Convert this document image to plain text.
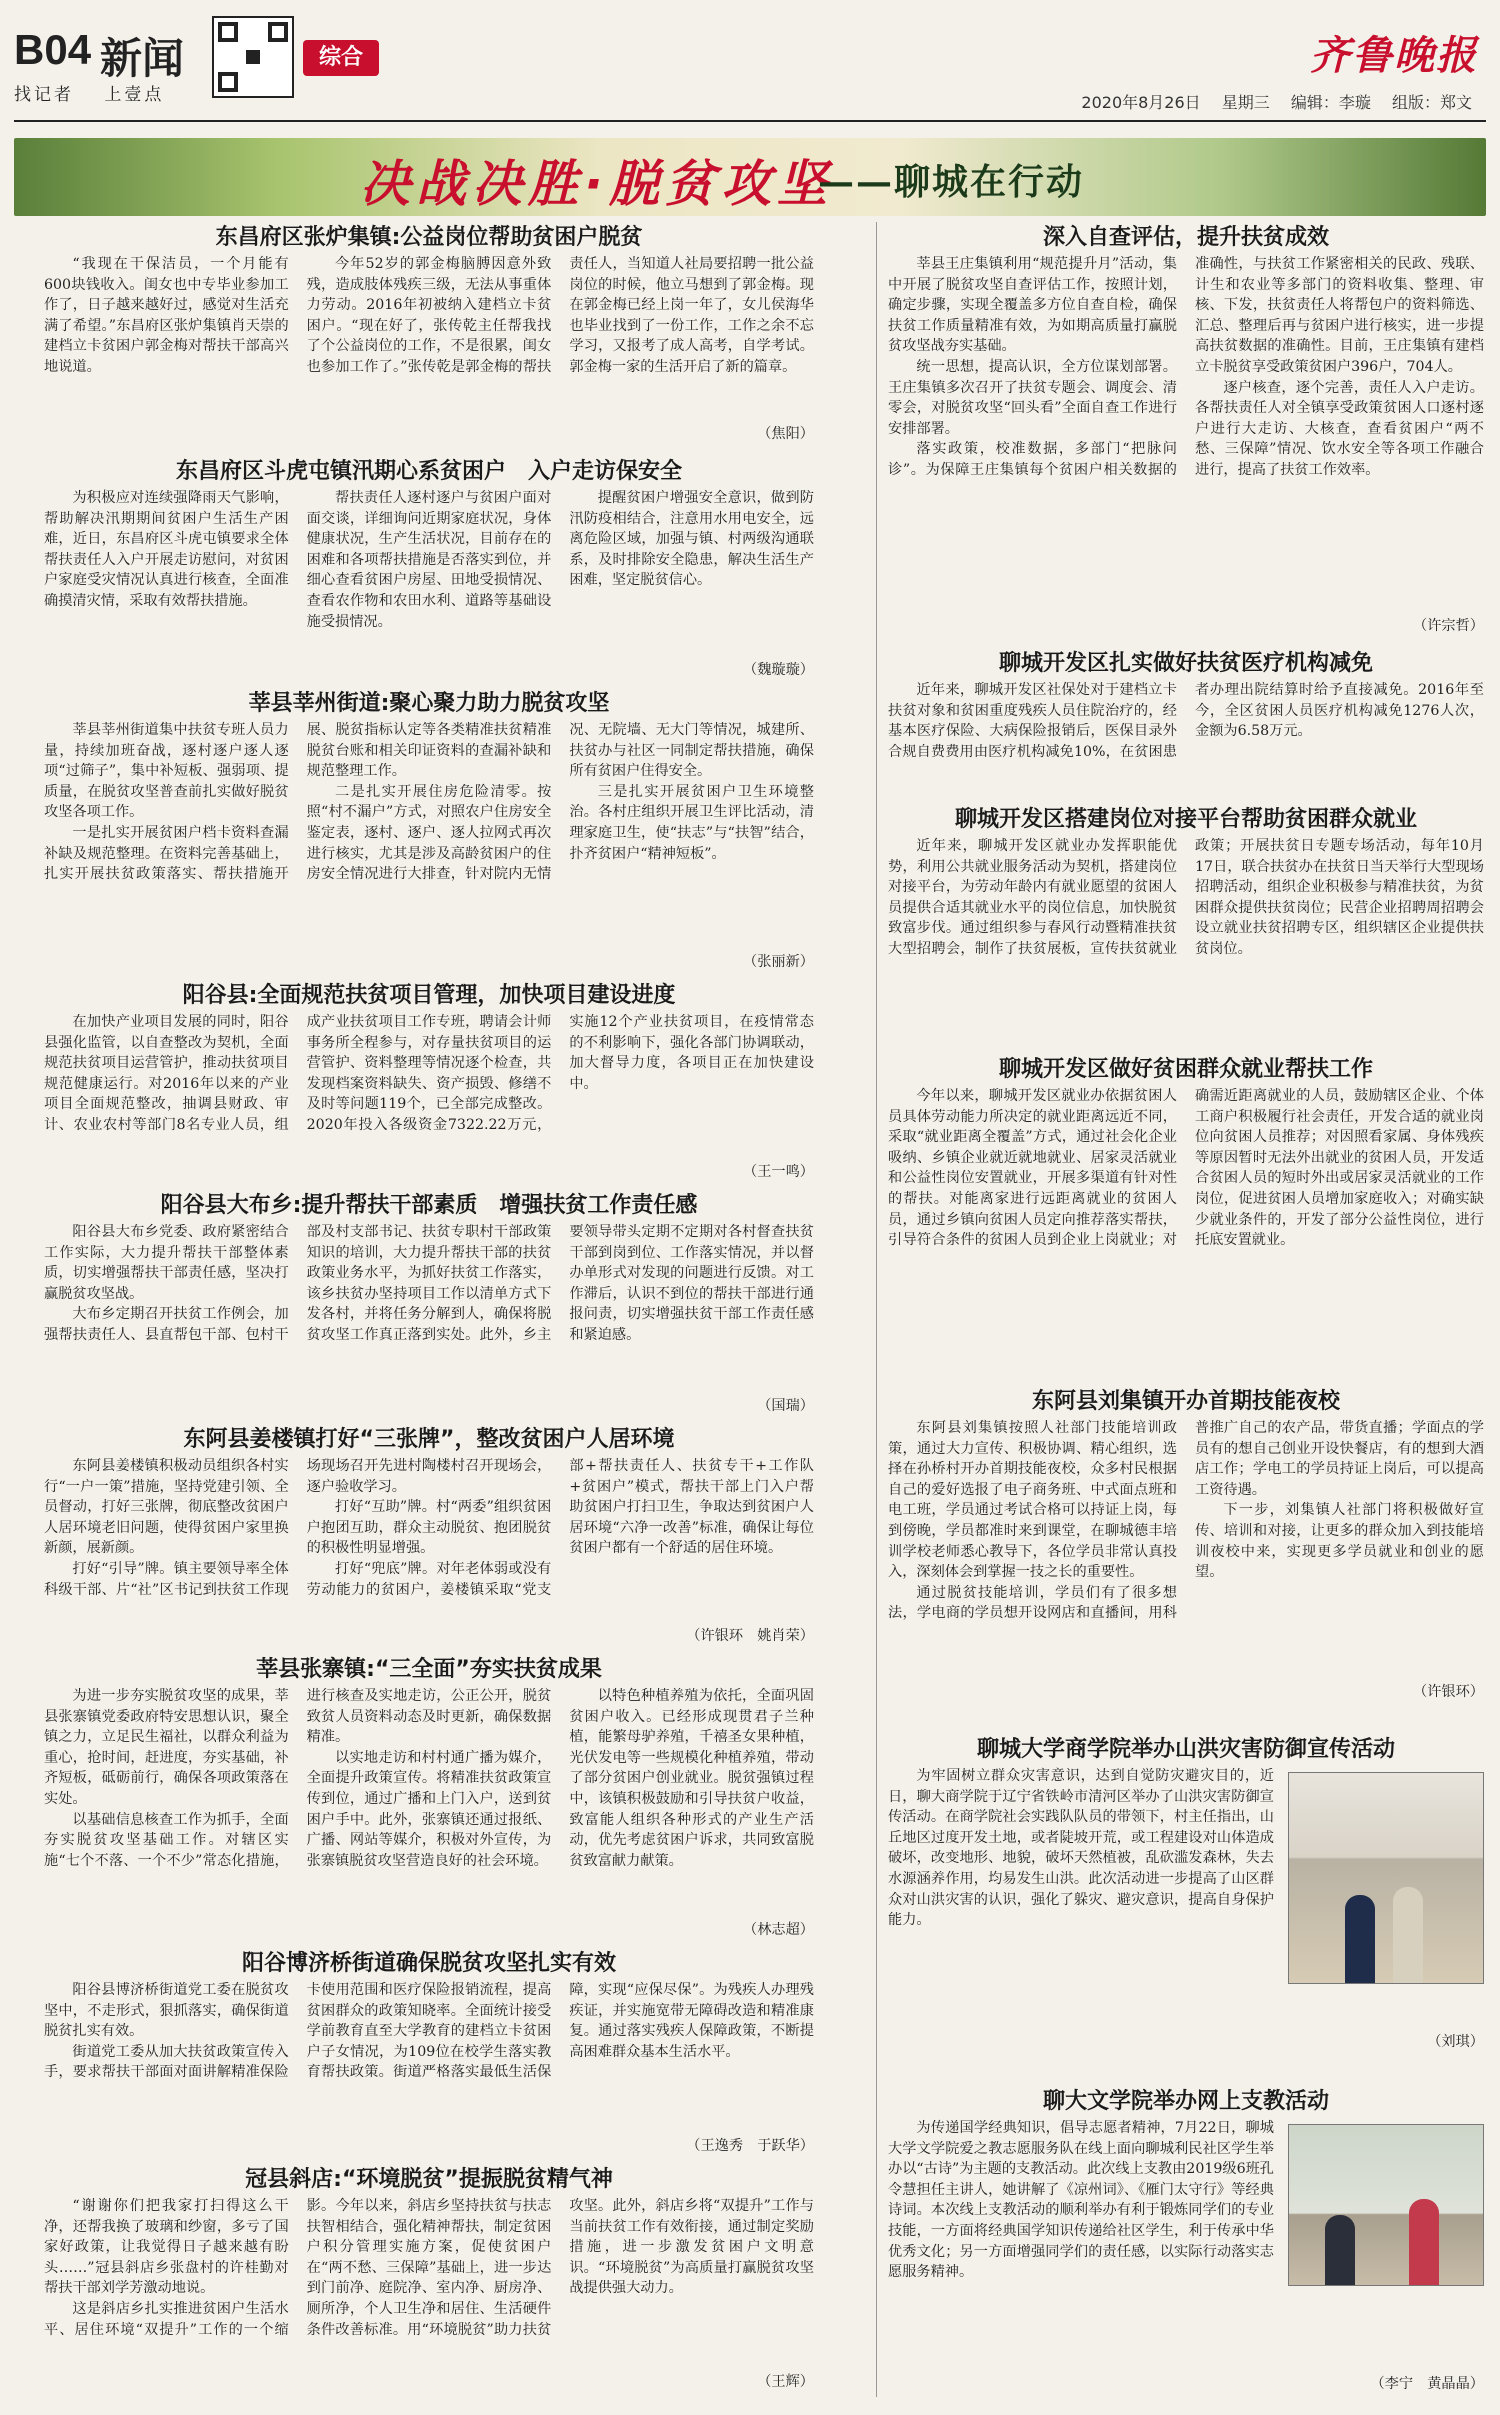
B04 新闻
找记者 上壹点
综合	齐鲁晚报
2020年8月26日 星期三 编辑：李璇 组版：郑文
决战决胜·脱贫攻坚
——聊城在行动
东昌府区张炉集镇:公益岗位帮助贫困户脱贫

“我现在干保洁员，一个月能有600块钱收入。闺女也中专毕业参加工作了，日子越来越好过，感觉对生活充满了希望。”东昌府区张炉集镇肖天崇的建档立卡贫困户郭金梅对帮扶干部高兴地说道。

今年52岁的郭金梅脑膊因意外致残，造成肢体残疾三级，无法从事重体力劳动。2016年初被纳入建档立卡贫困户。“现在好了，张传乾主任帮我找了个公益岗位的工作，不是很累，闺女也参加工作了。”张传乾是郭金梅的帮扶责任人，当知道人社局要招聘一批公益岗位的时候，他立马想到了郭金梅。现在郭金梅已经上岗一年了，女儿侯海华也毕业找到了一份工作，工作之余不忘学习，又报考了成人高考，自学考试。郭金梅一家的生活开启了新的篇章。

（焦阳）
东昌府区斗虎屯镇汛期心系贫困户　入户走访保安全

为积极应对连续强降雨天气影响，帮助解决汛期期间贫困户生活生产困难，近日，东昌府区斗虎屯镇要求全体帮扶责任人入户开展走访慰问，对贫困户家庭受灾情况认真进行核查，全面准确摸清灾情，采取有效帮扶措施。

帮扶责任人逐村逐户与贫困户面对面交谈，详细询问近期家庭状况，身体健康状况，生产生活状况，目前存在的困难和各项帮扶措施是否落实到位，并细心查看贫困户房屋、田地受损情况、查看农作物和农田水利、道路等基础设施受损情况。

提醒贫困户增强安全意识，做到防汛防疫相结合，注意用水用电安全，远离危险区域，加强与镇、村两级沟通联系，及时排除安全隐患，解决生活生产困难，坚定脱贫信心。

（魏璇璇）
莘县莘州街道:聚心聚力助力脱贫攻坚

莘县莘州街道集中扶贫专班人员力量，持续加班奋战，逐村逐户逐人逐项“过筛子”，集中补短板、强弱项、提质量，在脱贫攻坚普查前扎实做好脱贫攻坚各项工作。

一是扎实开展贫困户档卡资料查漏补缺及规范整理。在资料完善基础上，扎实开展扶贫政策落实、帮扶措施开展、脱贫指标认定等各类精准扶贫精准脱贫台账和相关印证资料的查漏补缺和规范整理工作。

二是扎实开展住房危险清零。按照“村不漏户”方式，对照农户住房安全鉴定表，逐村、逐户、逐人拉网式再次进行核实，尤其是涉及高龄贫困户的住房安全情况进行大排查，针对院内无情况、无院墙、无大门等情况，城建所、扶贫办与社区一同制定帮扶措施，确保所有贫困户住得安全。

三是扎实开展贫困户卫生环境整治。各村庄组织开展卫生评比活动，清理家庭卫生，使“扶志”与“扶智”结合，扑齐贫困户“精神短板”。

（张丽新）
阳谷县:全面规范扶贫项目管理，加快项目建设进度

在加快产业项目发展的同时，阳谷县强化监管，以自查整改为契机，全面规范扶贫项目运营管护，推动扶贫项目规范健康运行。对2016年以来的产业项目全面规范整改，抽调县财政、审计、农业农村等部门8名专业人员，组成产业扶贫项目工作专班，聘请会计师事务所全程参与，对存量扶贫项目的运营管护、资料整理等情况逐个检查，共发现档案资料缺失、资产损毁、修缮不及时等问题119个，已全部完成整改。2020年投入各级资金7322.22万元，实施12个产业扶贫项目，在疫情常态的不利影响下，强化各部门协调联动，加大督导力度，各项目正在加快建设中。

（王一鸣）
阳谷县大布乡:提升帮扶干部素质　增强扶贫工作责任感

阳谷县大布乡党委、政府紧密结合工作实际，大力提升帮扶干部整体素质，切实增强帮扶干部责任感，坚决打赢脱贫攻坚战。

大布乡定期召开扶贫工作例会，加强帮扶责任人、县直帮包干部、包村干部及村支部书记、扶贫专职村干部政策知识的培训，大力提升帮扶干部的扶贫政策业务水平，为抓好扶贫工作落实，该乡扶贫办坚持项目工作以清单方式下发各村，并将任务分解到人，确保将脱贫攻坚工作真正落到实处。此外，乡主要领导带头定期不定期对各村督查扶贫干部到岗到位、工作落实情况，并以督办单形式对发现的问题进行反馈。对工作滞后，认识不到位的帮扶干部进行通报问责，切实增强扶贫干部工作责任感和紧迫感。

（国瑞）
东阿县姜楼镇打好“三张牌”，整改贫困户人居环境

东阿县姜楼镇积极动员组织各村实行“一户一策”措施，坚持党建引领、全员督动，打好三张牌，彻底整改贫困户人居环境老旧问题，使得贫困户家里换新颜，展新颜。

打好“引导”牌。镇主要领导率全体科级干部、片“社”区书记到扶贫工作现场现场召开先进村陶楼村召开现场会，逐户验收学习。

打好“互助”牌。村“两委”组织贫困户抱团互助，群众主动脱贫、抱团脱贫的积极性明显增强。

打好“兜底”牌。对年老体弱或没有劳动能力的贫困户，姜楼镇采取“党支部+帮扶责任人、扶贫专干+工作队+贫困户”模式，帮扶干部上门入户帮助贫困户打扫卫生，争取达到贫困户人居环境“六净一改善”标准，确保让每位贫困户都有一个舒适的居住环境。

（许银环　姚肖荣）
莘县张寨镇:“三全面”夯实扶贫成果

为进一步夯实脱贫攻坚的成果，莘县张寨镇党委政府特安思想认识，聚全镇之力，立足民生福社，以群众利益为重心，抢时间，赶进度，夯实基础，补齐短板，砥砺前行，确保各项政策落在实处。

以基础信息核查工作为抓手，全面夯实脱贫攻坚基础工作。对辖区实施“七个不落、一个不少”常态化措施，进行核查及实地走访，公正公开，脱贫致贫人员资料动态及时更新，确保数据精准。

以实地走访和村村通广播为媒介，全面提升政策宣传。将精准扶贫政策宣传到位，通过广播和上门入户，送到贫困户手中。此外，张寨镇还通过报纸、广播、网站等媒介，积极对外宣传，为张寨镇脱贫攻坚营造良好的社会环境。

以特色种植养殖为依托，全面巩固贫困户收入。已经形成现贯君子兰种植，能繁母驴养殖，千禧圣女果种植，光伏发电等一些规模化种植养殖，带动了部分贫困户创业就业。脱贫强镇过程中，该镇积极鼓励和引导扶贫户收益，致富能人组织各种形式的产业生产活动，优先考虑贫困户诉求，共同致富脱贫致富献力献策。

（林志超）
阳谷博济桥街道确保脱贫攻坚扎实有效

阳谷县博济桥街道党工委在脱贫攻坚中，不走形式，狠抓落实，确保街道脱贫扎实有效。

街道党工委从加大扶贫政策宣传入手，要求帮扶干部面对面讲解精准保险卡使用范围和医疗保险报销流程，提高贫困群众的政策知晓率。全面统计接受学前教育直至大学教育的建档立卡贫困户子女情况，为109位在校学生落实教育帮扶政策。街道严格落实最低生活保障，实现“应保尽保”。为残疾人办理残疾证，并实施宽带无障碍改造和精准康复。通过落实残疾人保障政策，不断提高困难群众基本生活水平。

（王逸秀　于跃华）
冠县斜店:“环境脱贫”提振脱贫精气神

“谢谢你们把我家打扫得这么干净，还帮我换了玻璃和纱窗，多亏了国家好政策，让我觉得日子越来越有盼头……”冠县斜店乡张盘村的许桂勤对帮扶干部刘学芳激动地说。

这是斜店乡扎实推进贫困户生活水平、居住环境“双提升”工作的一个缩影。今年以来，斜店乡坚持扶贫与扶志扶智相结合，强化精神帮扶，制定贫困户积分管理实施方案，促使贫困户在“两不愁、三保障”基础上，进一步达到门前净、庭院净、室内净、厨房净、厕所净，个人卫生净和居住、生活硬件条件改善标准。用“环境脱贫”助力扶贫攻坚。此外，斜店乡将“双提升”工作与当前扶贫工作有效衔接，通过制定奖励措施，进一步激发贫困户文明意识。“环境脱贫”为高质量打赢脱贫攻坚战提供强大动力。

（王辉）
深入自查评估，提升扶贫成效

莘县王庄集镇利用“规范提升月”活动，集中开展了脱贫攻坚自查评估工作，按照计划，确定步骤，实现全覆盖多方位自查自检，确保扶贫工作质量精准有效，为如期高质量打赢脱贫攻坚战夯实基础。

统一思想，提高认识，全方位谋划部署。王庄集镇多次召开了扶贫专题会、调度会、清零会，对脱贫攻坚“回头看”全面自查工作进行安排部署。

落实政策，校准数据，多部门“把脉问诊”。为保障王庄集镇每个贫困户相关数据的准确性，与扶贫工作紧密相关的民政、残联、计生和农业等多部门的资料收集、整理、审核、下发，扶贫责任人将帮包户的资料筛选、汇总、整理后再与贫困户进行核实，进一步提高扶贫数据的准确性。目前，王庄集镇有建档立卡脱贫享受政策贫困户396户，704人。

逐户核查，逐个完善，责任人入户走访。各帮扶责任人对全镇享受政策贫困人口逐村逐户进行大走访、大核查，查看贫困户“两不愁、三保障”情况、饮水安全等各项工作融合进行，提高了扶贫工作效率。

（许宗哲）
聊城开发区扎实做好扶贫医疗机构减免

近年来，聊城开发区社保处对于建档立卡扶贫对象和贫困重度残疾人员住院治疗的，经基本医疗保险、大病保险报销后，医保目录外合规自费费用由医疗机构减免10%，在贫困患者办理出院结算时给予直接减免。2016年至今，全区贫困人员医疗机构减免1276人次，金额为6.58万元。

聊城开发区搭建岗位对接平台帮助贫困群众就业

近年来，聊城开发区就业办发挥职能优势，利用公共就业服务活动为契机，搭建岗位对接平台，为劳动年龄内有就业愿望的贫困人员提供合适其就业水平的岗位信息，加快脱贫致富步伐。通过组织参与春风行动暨精准扶贫大型招聘会，制作了扶贫展板，宣传扶贫就业政策；开展扶贫日专题专场活动，每年10月17日，联合扶贫办在扶贫日当天举行大型现场招聘活动，组织企业积极参与精准扶贫，为贫困群众提供扶贫岗位；民营企业招聘周招聘会设立就业扶贫招聘专区，组织辖区企业提供扶贫岗位。

聊城开发区做好贫困群众就业帮扶工作

今年以来，聊城开发区就业办依据贫困人员具体劳动能力所决定的就业距离远近不同，采取“就业距离全覆盖”方式，通过社会化企业吸纳、乡镇企业就近就地就业、居家灵活就业和公益性岗位安置就业，开展多渠道有针对性的帮扶。对能离家进行远距离就业的贫困人员，通过乡镇向贫困人员定向推荐落实帮扶，引导符合条件的贫困人员到企业上岗就业；对确需近距离就业的人员，鼓励辖区企业、个体工商户积极履行社会责任，开发合适的就业岗位向贫困人员推荐；对因照看家属、身体残疾等原因暂时无法外出就业的贫困人员，开发适合贫困人员的短时外出或居家灵活就业的工作岗位，促进贫困人员增加家庭收入；对确实缺少就业条件的，开发了部分公益性岗位，进行托底安置就业。

东阿县刘集镇开办首期技能夜校

东阿县刘集镇按照人社部门技能培训政策，通过大力宣传、积极协调、精心组织，选择在孙桥村开办首期技能夜校，众多村民根据自己的爱好选报了电子商务班、中式面点班和电工班，学员通过考试合格可以持证上岗，每到傍晚，学员都准时来到课堂，在聊城德丰培训学校老师悉心教导下，各位学员非常认真投入，深刻体会到掌握一技之长的重要性。

通过脱贫技能培训，学员们有了很多想法，学电商的学员想开设网店和直播间，用科普推广自己的农产品，带货直播；学面点的学员有的想自己创业开设快餐店，有的想到大酒店工作；学电工的学员持证上岗后，可以提高工资待遇。

下一步，刘集镇人社部门将积极做好宣传、培训和对接，让更多的群众加入到技能培训夜校中来，实现更多学员就业和创业的愿望。

（许银环）
聊城大学商学院举办山洪灾害防御宣传活动

为牢固树立群众灾害意识，达到自觉防灾避灾目的，近日，聊大商学院于辽宁省铁岭市清河区举办了山洪灾害防御宣传活动。在商学院社会实践队队员的带领下，村主任指出，山丘地区过度开发土地，或者陡坡开荒，或工程建设对山体造成破坏，改变地形、地貌，破坏天然植被，乱砍滥发森林，失去水源涵养作用，均易发生山洪。此次活动进一步提高了山区群众对山洪灾害的认识，强化了躲灾、避灾意识，提高自身保护能力。

（刘琪）
聊大文学院举办网上支教活动

为传递国学经典知识，倡导志愿者精神，7月22日，聊城大学文学院爱之教志愿服务队在线上面向聊城利民社区学生举办以“古诗”为主题的支教活动。此次线上支教由2019级6班孔令慧担任主讲人，她讲解了《凉州词》、《雁门太守行》等经典诗词。本次线上支教活动的顺利举办有利于锻炼同学们的专业技能，一方面将经典国学知识传递给社区学生，利于传承中华优秀文化；另一方面增强同学们的责任感，以实际行动落实志愿服务精神。

（李宁　黄晶晶）
